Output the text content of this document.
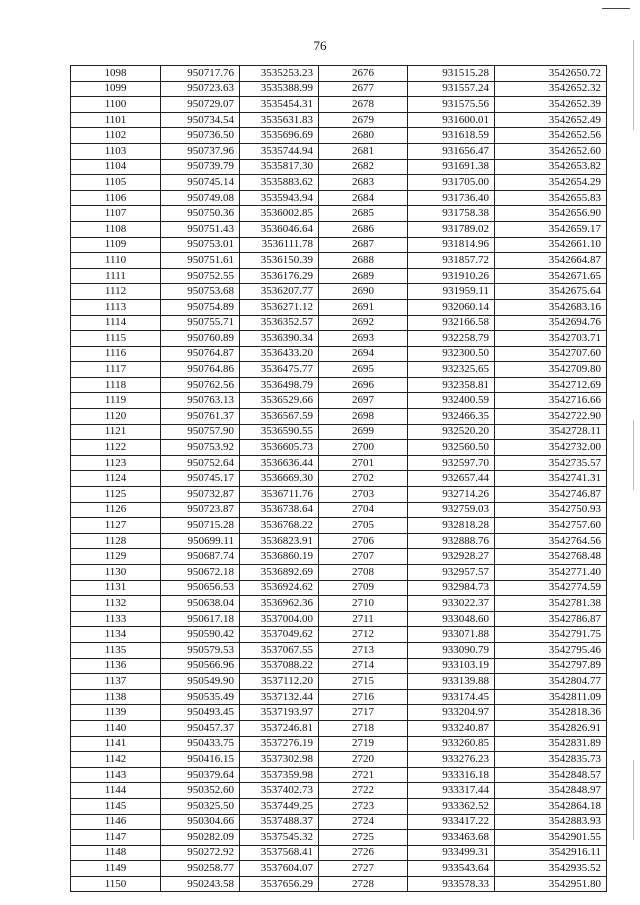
76
1098	950717.76	3535253.23	2676	931515.28	3542650.72
1099	950723.63	3535388.99	2677	931557.24	3542652.32
1100	950729.07	3535454.31	2678	931575.56	3542652.39
1101	950734.54	3535631.83	2679	931600.01	3542652.49
1102	950736.50	3535696.69	2680	931618.59	3542652.56
1103	950737.96	3535744.94	2681	931656.47	3542652.60
1104	950739.79	3535817.30	2682	931691.38	3542653.82
1105	950745.14	3535883.62	2683	931705.00	3542654.29
1106	950749.08	3535943.94	2684	931736.40	3542655.83
1107	950750.36	3536002.85	2685	931758.38	3542656.90
1108	950751.43	3536046.64	2686	931789.02	3542659.17
1109	950753.01	3536111.78	2687	931814.96	3542661.10
1110	950751.61	3536150.39	2688	931857.72	3542664.87
1111	950752.55	3536176.29	2689	931910.26	3542671.65
1112	950753.68	3536207.77	2690	931959.11	3542675.64
1113	950754.89	3536271.12	2691	932060.14	3542683.16
1114	950755.71	3536352.57	2692	932166.58	3542694.76
1115	950760.89	3536390.34	2693	932258.79	3542703.71
1116	950764.87	3536433.20	2694	932300.50	3542707.60
1117	950764.86	3536475.77	2695	932325.65	3542709.80
1118	950762.56	3536498.79	2696	932358.81	3542712.69
1119	950763.13	3536529.66	2697	932400.59	3542716.66
1120	950761.37	3536567.59	2698	932466.35	3542722.90
1121	950757.90	3536590.55	2699	932520.20	3542728.11
1122	950753.92	3536605.73	2700	932560.50	3542732.00
1123	950752.64	3536636.44	2701	932597.70	3542735.57
1124	950745.17	3536669.30	2702	932657.44	3542741.31
1125	950732.87	3536711.76	2703	932714.26	3542746.87
1126	950723.87	3536738.64	2704	932759.03	3542750.93
1127	950715.28	3536768.22	2705	932818.28	3542757.60
1128	950699.11	3536823.91	2706	932888.76	3542764.56
1129	950687.74	3536860.19	2707	932928.27	3542768.48
1130	950672.18	3536892.69	2708	932957.57	3542771.40
1131	950656.53	3536924.62	2709	932984.73	3542774.59
1132	950638.04	3536962.36	2710	933022.37	3542781.38
1133	950617.18	3537004.00	2711	933048.60	3542786.87
1134	950590.42	3537049.62	2712	933071.88	3542791.75
1135	950579.53	3537067.55	2713	933090.79	3542795.46
1136	950566.96	3537088.22	2714	933103.19	3542797.89
1137	950549.90	3537112.20	2715	933139.88	3542804.77
1138	950535.49	3537132.44	2716	933174.45	3542811.09
1139	950493.45	3537193.97	2717	933204.97	3542818.36
1140	950457.37	3537246.81	2718	933240.87	3542826.91
1141	950433.75	3537276.19	2719	933260.85	3542831.89
1142	950416.15	3537302.98	2720	933276.23	3542835.73
1143	950379.64	3537359.98	2721	933316.18	3542848.57
1144	950352.60	3537402.73	2722	933317.44	3542848.97
1145	950325.50	3537449.25	2723	933362.52	3542864.18
1146	950304.66	3537488.37	2724	933417.22	3542883.93
1147	950282.09	3537545.32	2725	933463.68	3542901.55
1148	950272.92	3537568.41	2726	933499.31	3542916.11
1149	950258.77	3537604.07	2727	933543.64	3542935.52
1150	950243.58	3537656.29	2728	933578.33	3542951.80
